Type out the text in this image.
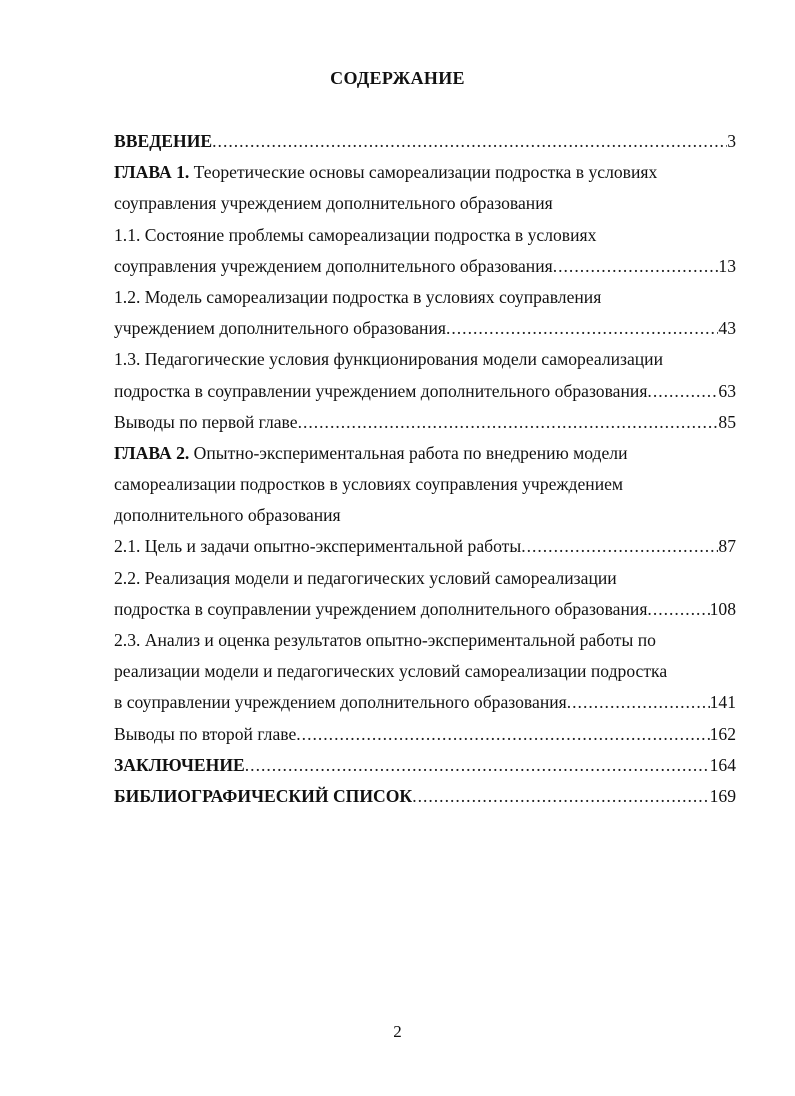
СОДЕРЖАНИЕ
ВВЕДЕНИЕ .....	3
ГЛАВА 1. Теоретические основы самореализации подростка в условиях
соуправления учреждением дополнительного образования
1.1. Состояние проблемы самореализации подростка в условиях
соуправления учреждением дополнительного образования .....	13
1.2. Модель самореализации подростка в условиях соуправления
учреждением дополнительного образования .....	43
1.3. Педагогические условия функционирования модели самореализации
подростка в соуправлении учреждением дополнительного образования .....	63
Выводы по первой главе .....	85
ГЛАВА 2. Опытно-экспериментальная работа по внедрению модели
самореализации подростков в условиях соуправления учреждением
дополнительного образования
2.1. Цель и задачи опытно-экспериментальной работы .....	87
2.2. Реализация модели и педагогических условий самореализации
подростка в соуправлении учреждением дополнительного образования .....	108
2.3. Анализ и оценка результатов опытно-экспериментальной работы по
реализации модели и педагогических условий самореализации подростка
в соуправлении учреждением дополнительного образования .....	141
Выводы по второй главе .....	162
ЗАКЛЮЧЕНИЕ .....	164
БИБЛИОГРАФИЧЕСКИЙ СПИСОК .....	169
2
